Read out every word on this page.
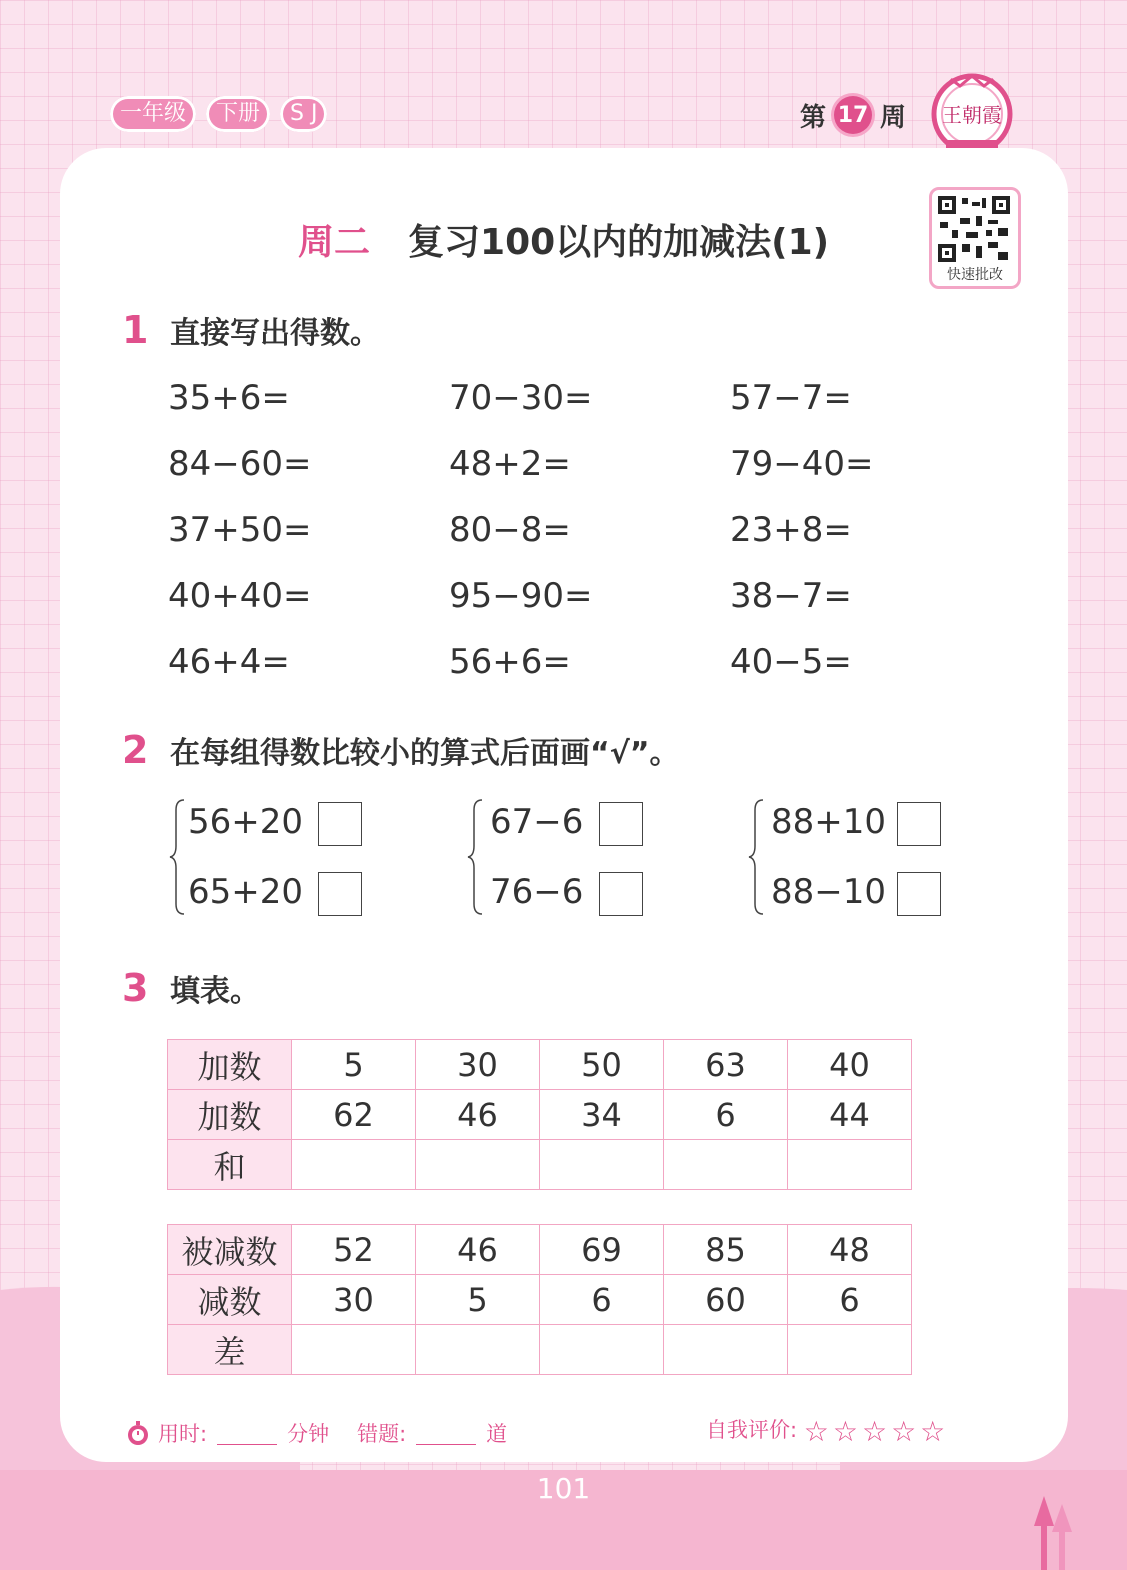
一年级	下册	S J	第 17 周 王朝霞
快速批改
周二 复习100以内的加减法(1)
1 直接写出得数。
35+6=	70−30=	57−7=
84−60=	48+2=	79−40=
37+50=	80−8=	23+8=
40+40=	95−90=	38−7=
46+4=	56+6=	40−5=
2 在每组得数比较小的算式后面画“√”。
56+20
65+20
67−6
76−6
88+10
88−10
3 填表。
加数	5	30	50	63	40
加数	62	46	34	6	44
和					
被减数	52	46	69	85	48
减数	30	5	6	60	6
差					
用时:	分钟 错题:	道	自我评价: ☆☆☆☆☆
101
